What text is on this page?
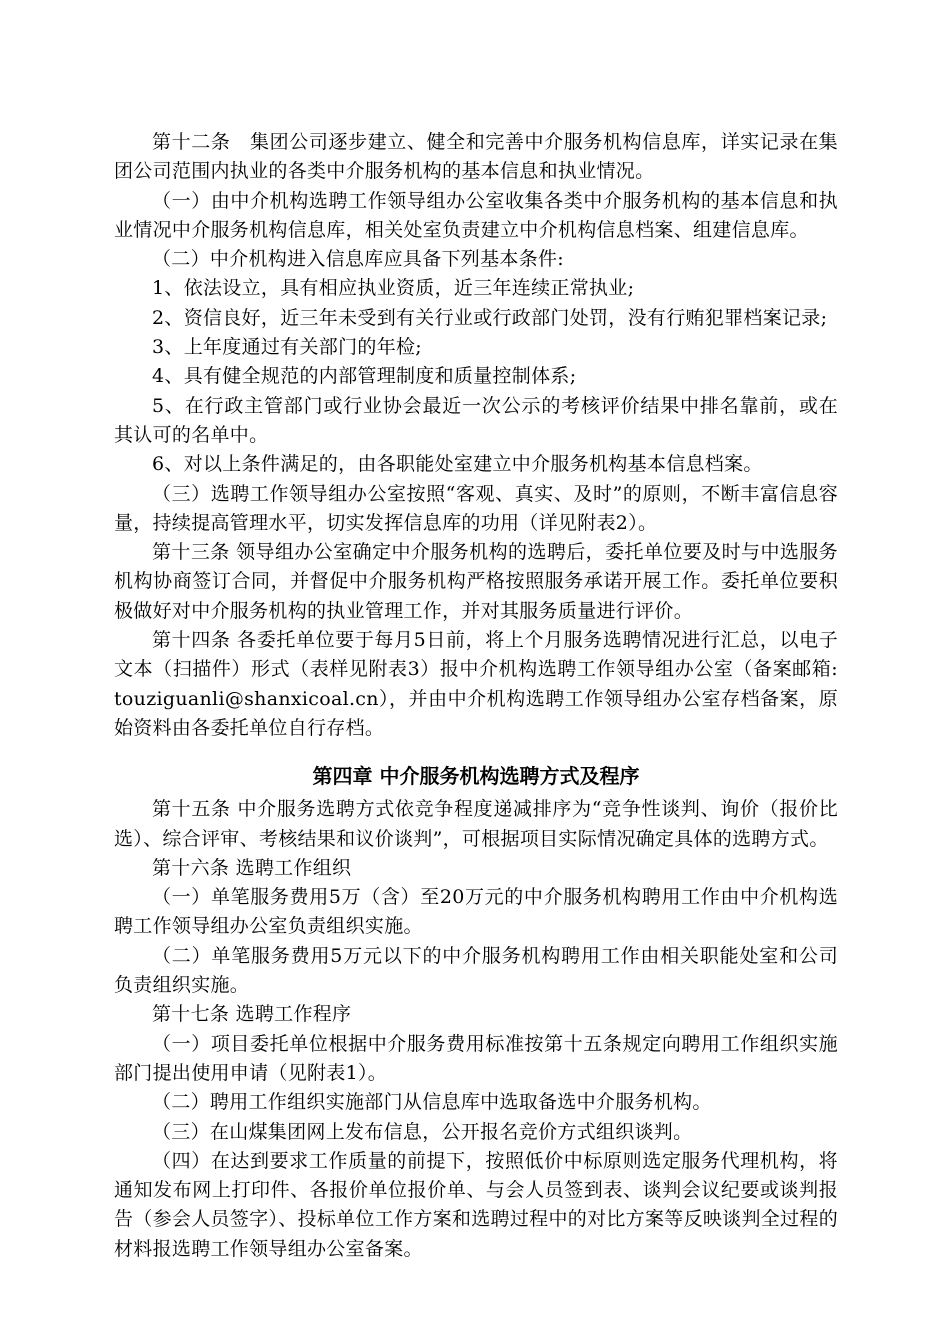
第十二条　集团公司逐步建立、健全和完善中介服务机构信息库，详实记录在集团公司范围内执业的各类中介服务机构的基本信息和执业情况。

（一）由中介机构选聘工作领导组办公室收集各类中介服务机构的基本信息和执业情况中介服务机构信息库，相关处室负责建立中介机构信息档案、组建信息库。

（二）中介机构进入信息库应具备下列基本条件:

1、依法设立，具有相应执业资质，近三年连续正常执业;

2、资信良好，近三年未受到有关行业或行政部门处罚，没有行贿犯罪档案记录;

3、上年度通过有关部门的年检;

4、具有健全规范的内部管理制度和质量控制体系;

5、在行政主管部门或行业协会最近一次公示的考核评价结果中排名靠前，或在其认可的名单中。

6、对以上条件满足的，由各职能处室建立中介服务机构基本信息档案。

（三）选聘工作领导组办公室按照“客观、真实、及时”的原则，不断丰富信息容量，持续提高管理水平，切实发挥信息库的功用（详见附表2）。

第十三条 领导组办公室确定中介服务机构的选聘后，委托单位要及时与中选服务机构协商签订合同，并督促中介服务机构严格按照服务承诺开展工作。委托单位要积极做好对中介服务机构的执业管理工作，并对其服务质量进行评价。

第十四条 各委托单位要于每月5日前，将上个月服务选聘情况进行汇总，以电子文本（扫描件）形式（表样见附表3）报中介机构选聘工作领导组办公室（备案邮箱: touziguanli@shanxicoal.cn），并由中介机构选聘工作领导组办公室存档备案，原始资料由各委托单位自行存档。

第四章 中介服务机构选聘方式及程序

第十五条 中介服务选聘方式依竞争程度递减排序为“竞争性谈判、询价（报价比选）、综合评审、考核结果和议价谈判”，可根据项目实际情况确定具体的选聘方式。

第十六条 选聘工作组织

（一）单笔服务费用5万（含）至20万元的中介服务机构聘用工作由中介机构选聘工作领导组办公室负责组织实施。

（二）单笔服务费用5万元以下的中介服务机构聘用工作由相关职能处室和公司负责组织实施。

第十七条 选聘工作程序

（一）项目委托单位根据中介服务费用标准按第十五条规定向聘用工作组织实施部门提出使用申请（见附表1）。

（二）聘用工作组织实施部门从信息库中选取备选中介服务机构。

（三）在山煤集团网上发布信息，公开报名竞价方式组织谈判。

（四）在达到要求工作质量的前提下，按照低价中标原则选定服务代理机构，将通知发布网上打印件、各报价单位报价单、与会人员签到表、谈判会议纪要或谈判报告（参会人员签字）、投标单位工作方案和选聘过程中的对比方案等反映谈判全过程的材料报选聘工作领导组办公室备案。
